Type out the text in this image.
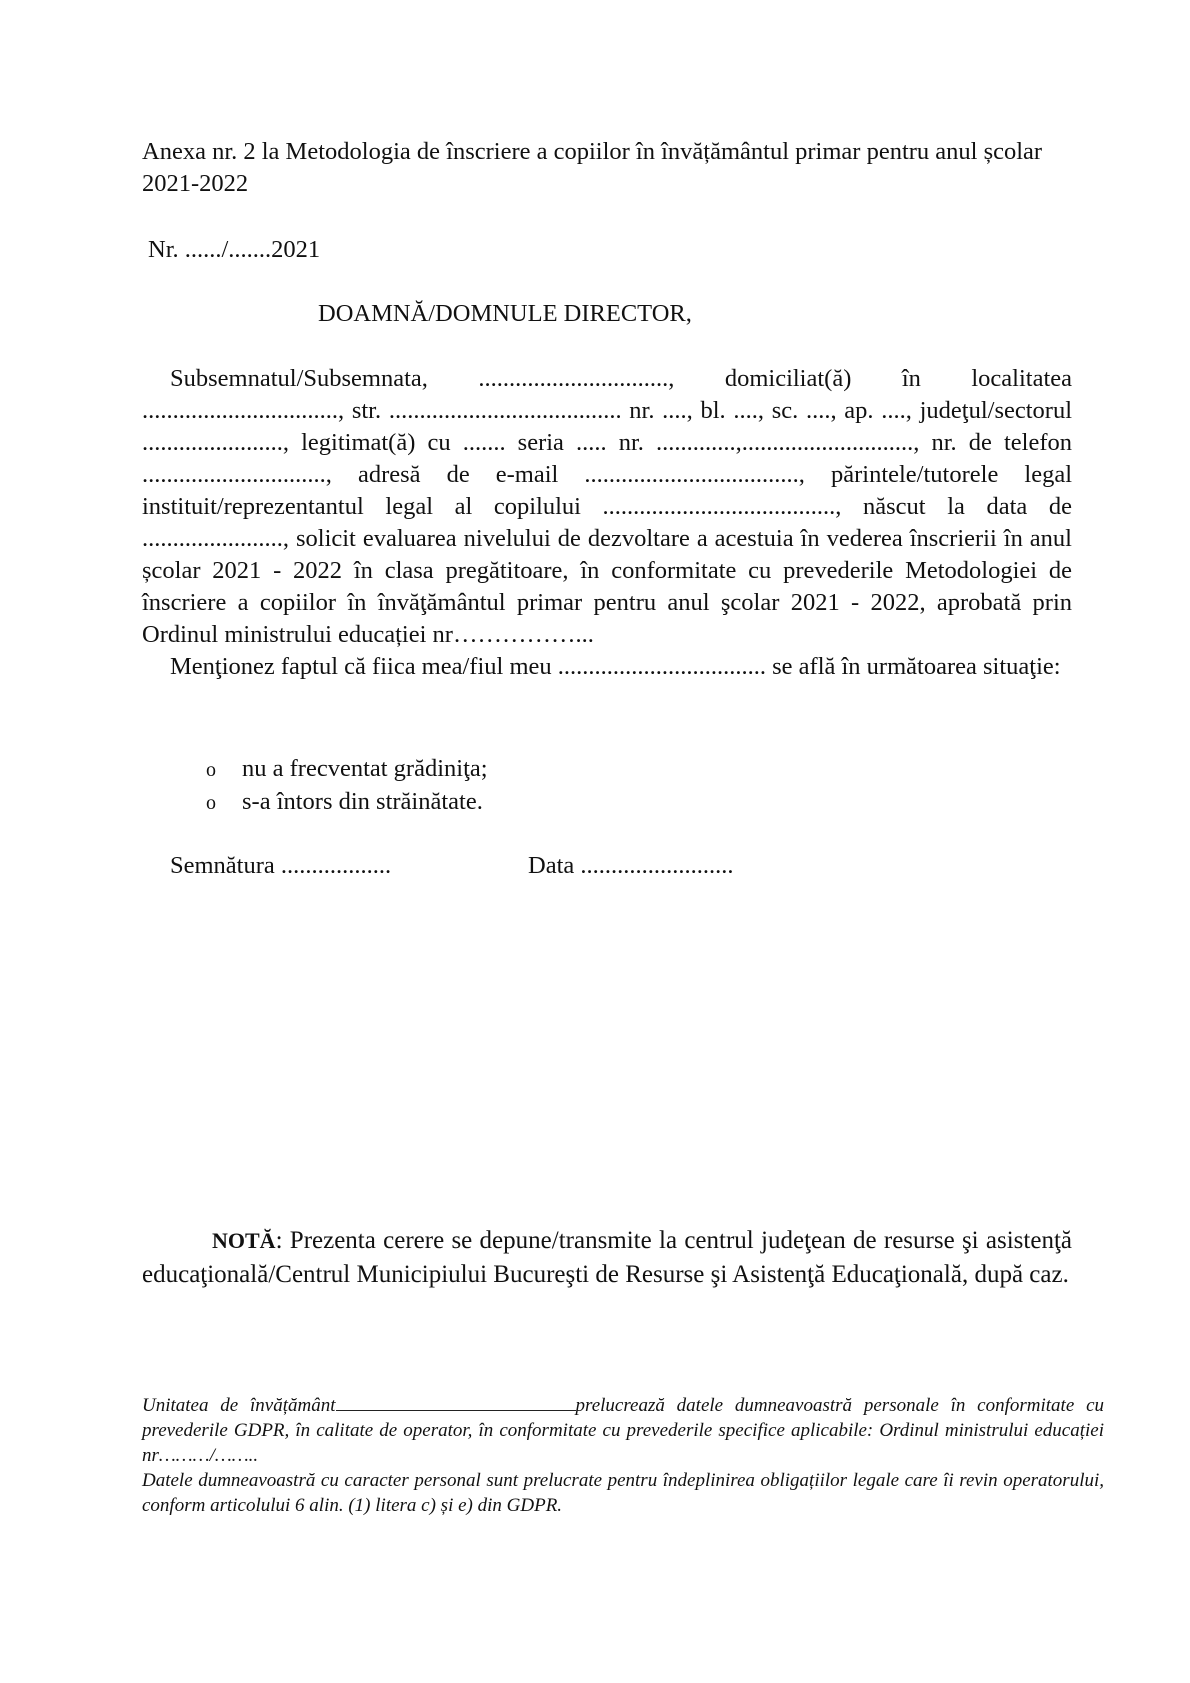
Anexa nr. 2 la Metodologia de înscriere a copiilor în învățământul primar pentru anul școlar 2021-2022
Nr. ....../.......2021
DOAMNĂ/DOMNULE DIRECTOR,

Subsemnatul/Subsemnata, ..............................., domiciliat(ă) în localitatea ................................, str. ...................................... nr. ...., bl. ...., sc. ...., ap. ...., judeţul/sectorul ......................., legitimat(ă) cu ....... seria ..... nr. .............,............................, nr. de telefon .............................., adresă de e-mail ..................................., părintele/tutorele legal instituit/reprezentantul legal al copilului ......................................, născut la data de ......................., solicit evaluarea nivelului de dezvoltare a acestuia în vederea înscrierii în anul școlar 2021 - 2022 în clasa pregătitoare, în conformitate cu prevederile Metodologiei de înscriere a copiilor în învăţământul primar pentru anul şcolar 2021 - 2022, aprobată prin Ordinul ministrului educației nr……………...

Menţionez faptul că fiica mea/fiul meu .................................. se află în următoarea situaţie:

o	nu a frecventat grădiniţa;
o	s-a întors din străinătate.
Semnătura ..................	Data .........................
NOTĂ: Prezenta cerere se depune/transmite la centrul judeţean de resurse şi asistenţă educaţională/Centrul Municipiului Bucureşti de Resurse şi Asistenţă Educaţională, după caz.

Unitatea de învățământ	prelucrează datele dumneavoastră personale în conformitate cu prevederile GDPR, în calitate de operator, în conformitate cu prevederile specifice aplicabile: Ordinul ministrului educației nr………/……..

Datele dumneavoastră cu caracter personal sunt prelucrate pentru îndeplinirea obligațiilor legale care îi revin operatorului, conform articolului 6 alin. (1) litera c) și e) din GDPR.
